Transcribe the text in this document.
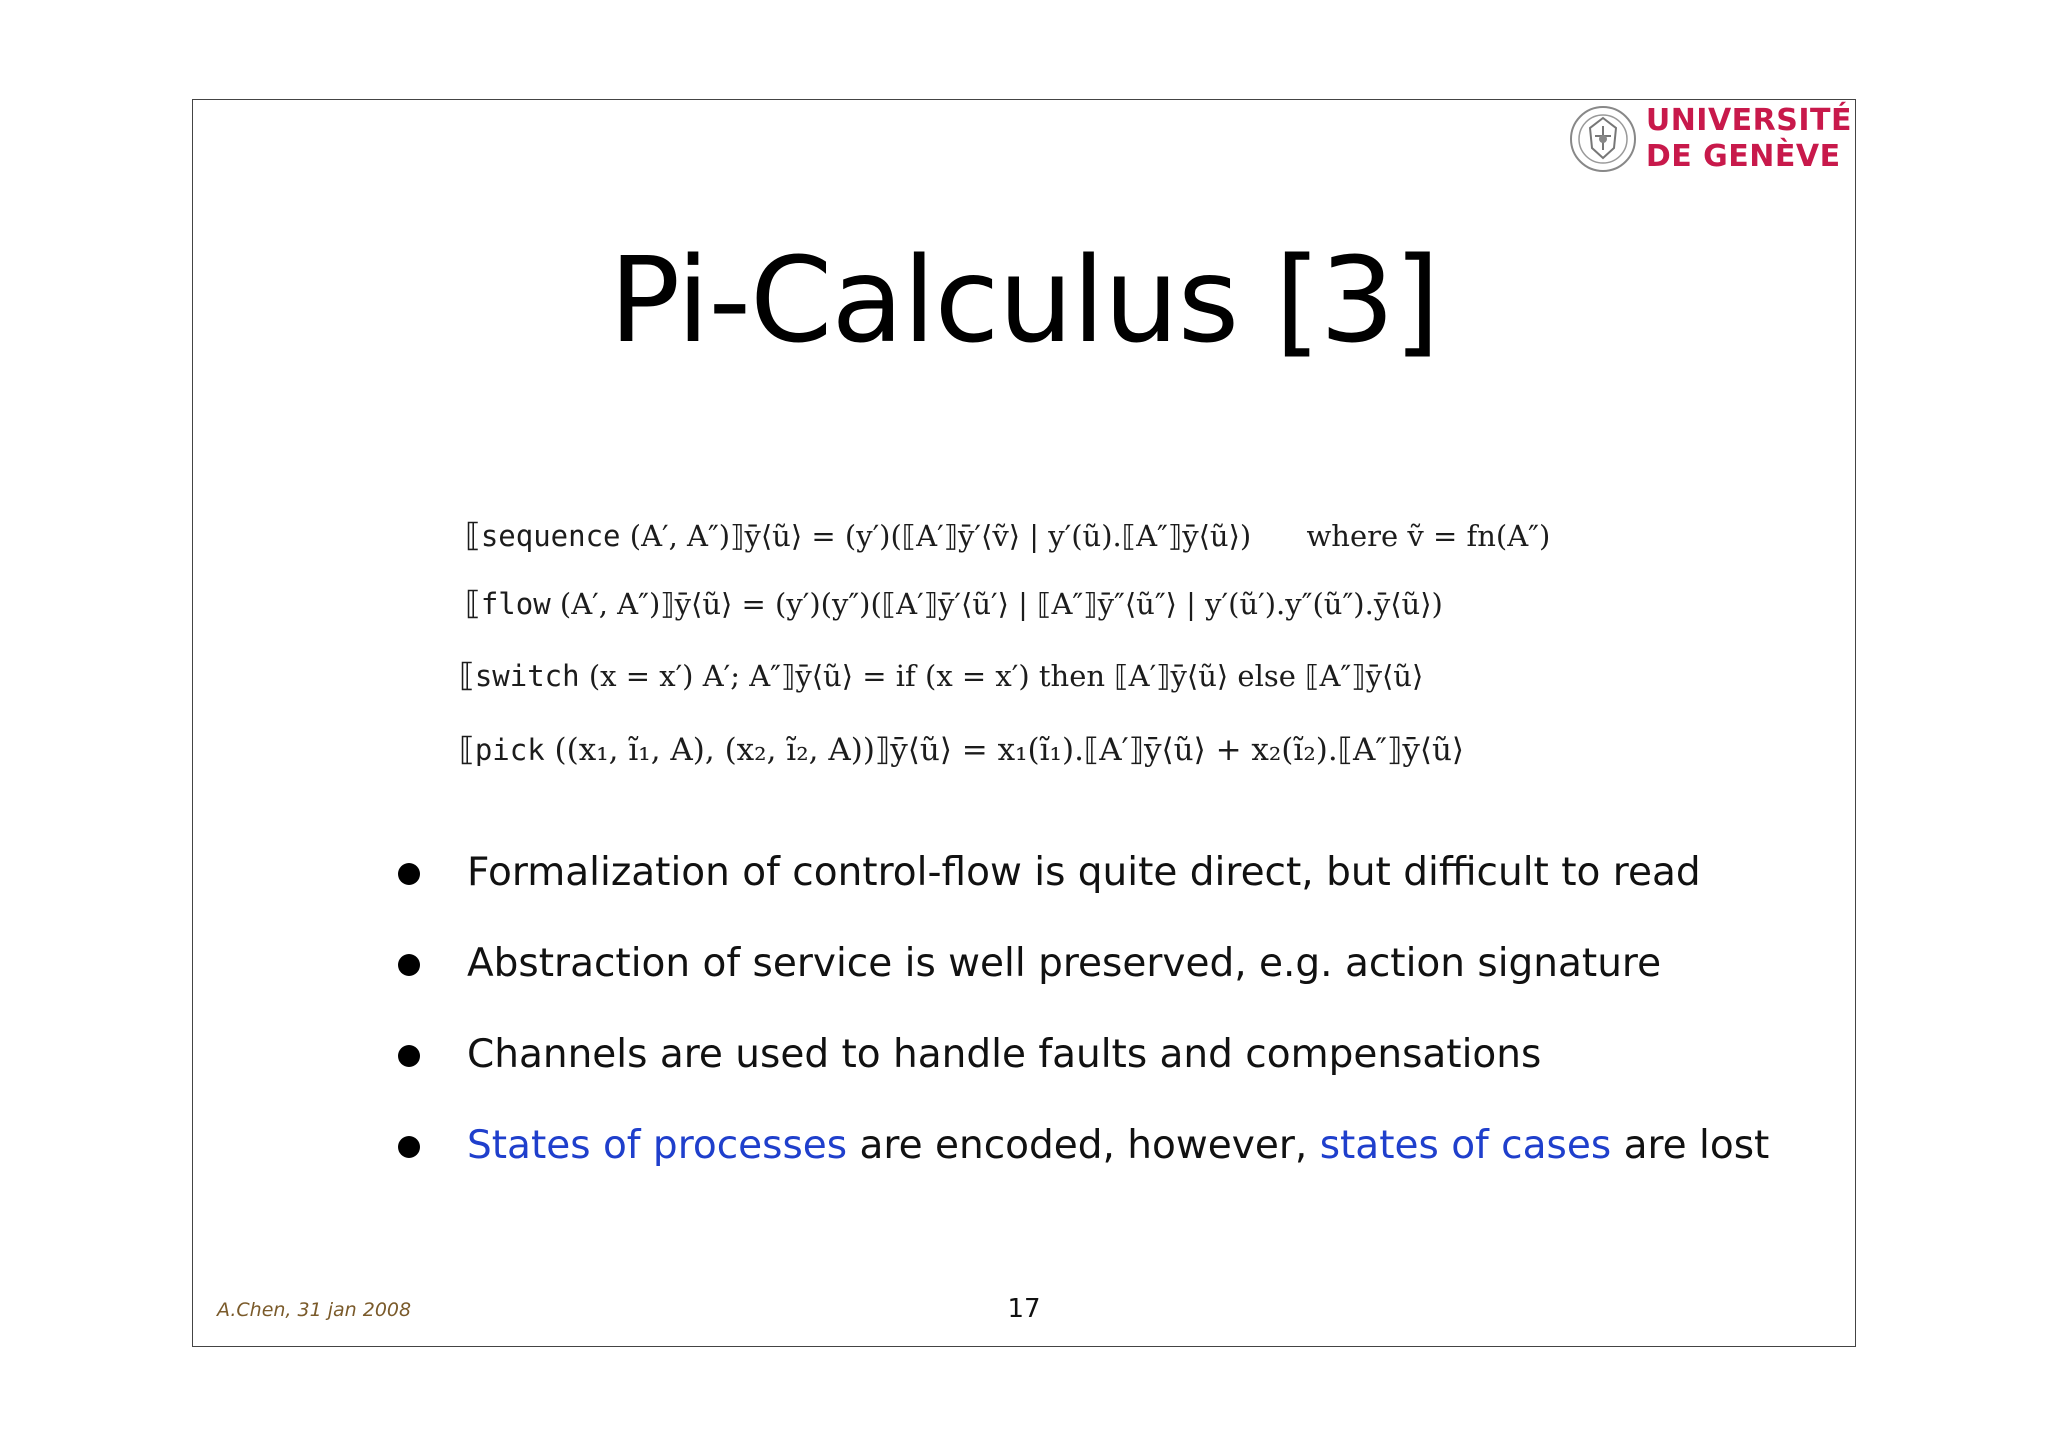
UNIVERSITÉ
DE GENÈVE
Pi-Calculus [3]
⟦sequence (A′, A″)⟧ȳ⟨ũ⟩ = (y′)(⟦A′⟧ȳ′⟨ṽ⟩ | y′(ũ).⟦A″⟧ȳ⟨ũ⟩) where ṽ = fn(A″)
⟦flow (A′, A″)⟧ȳ⟨ũ⟩ = (y′)(y″)(⟦A′⟧ȳ′⟨ũ′⟩ | ⟦A″⟧ȳ″⟨ũ″⟩ | y′(ũ′).y″(ũ″).ȳ⟨ũ⟩)
⟦switch (x = x′) A′; A″⟧ȳ⟨ũ⟩ = if (x = x′) then ⟦A′⟧ȳ⟨ũ⟩ else ⟦A″⟧ȳ⟨ũ⟩
⟦pick ((x₁, ĩ₁, A), (x₂, ĩ₂, A))⟧ȳ⟨ũ⟩ = x₁(ĩ₁).⟦A′⟧ȳ⟨ũ⟩ + x₂(ĩ₂).⟦A″⟧ȳ⟨ũ⟩
Formalization of control-flow is quite direct, but difficult to read
Abstraction of service is well preserved, e.g. action signature
Channels are used to handle faults and compensations
States of processes are encoded, however, states of cases are lost
A.Chen, 31 jan 2008	17
